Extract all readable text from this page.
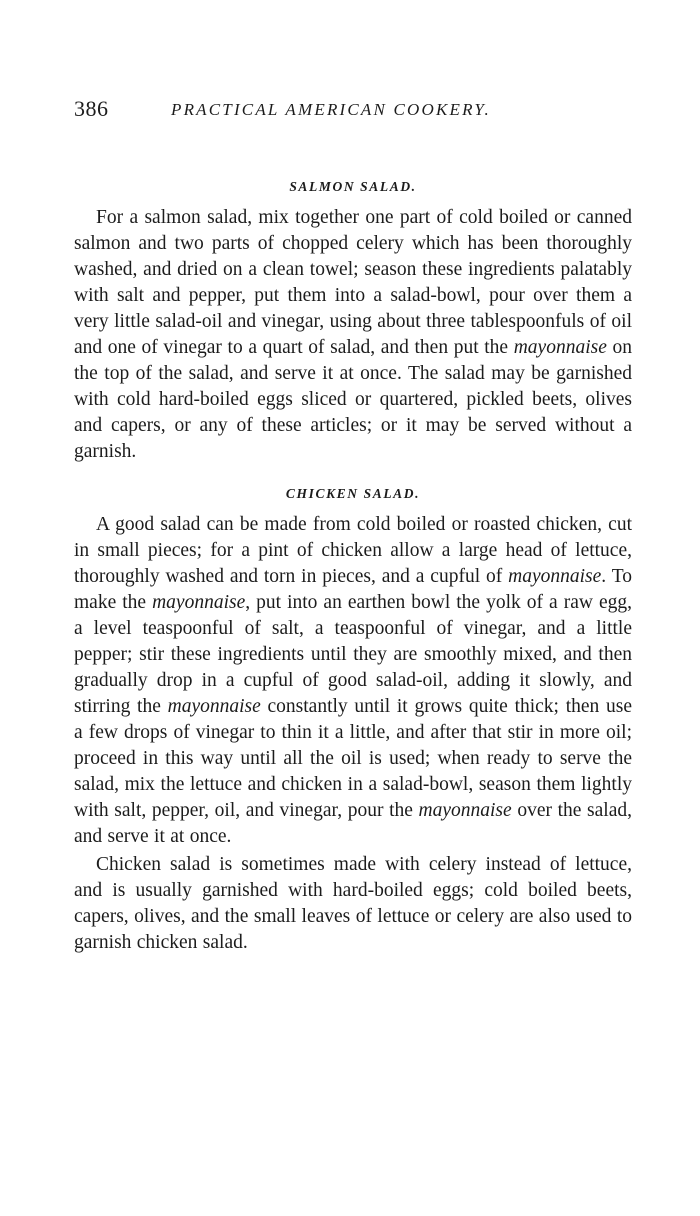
386	PRACTICAL AMERICAN COOKERY.
SALMON SALAD.

For a salmon salad, mix together one part of cold boiled or canned salmon and two parts of chopped celery which has been thoroughly washed, and dried on a clean towel; season these ingredients palatably with salt and pepper, put them into a salad-bowl, pour over them a very little salad-oil and vinegar, using about three tablespoonfuls of oil and one of vinegar to a quart of salad, and then put the mayonnaise on the top of the salad, and serve it at once. The salad may be garnished with cold hard-boiled eggs sliced or quartered, pickled beets, olives and capers, or any of these articles; or it may be served without a garnish.

CHICKEN SALAD.

A good salad can be made from cold boiled or roasted chicken, cut in small pieces; for a pint of chicken allow a large head of lettuce, thoroughly washed and torn in pieces, and a cupful of mayonnaise. To make the mayonnaise, put into an earthen bowl the yolk of a raw egg, a level teaspoonful of salt, a teaspoonful of vinegar, and a little pepper; stir these ingredients until they are smoothly mixed, and then gradually drop in a cupful of good salad-oil, adding it slowly, and stirring the mayonnaise constantly until it grows quite thick; then use a few drops of vinegar to thin it a little, and after that stir in more oil; proceed in this way until all the oil is used; when ready to serve the salad, mix the lettuce and chicken in a salad-bowl, season them lightly with salt, pepper, oil, and vinegar, pour the mayonnaise over the salad, and serve it at once.

Chicken salad is sometimes made with celery instead of lettuce, and is usually garnished with hard-boiled eggs; cold boiled beets, capers, olives, and the small leaves of lettuce or celery are also used to garnish chicken salad.
